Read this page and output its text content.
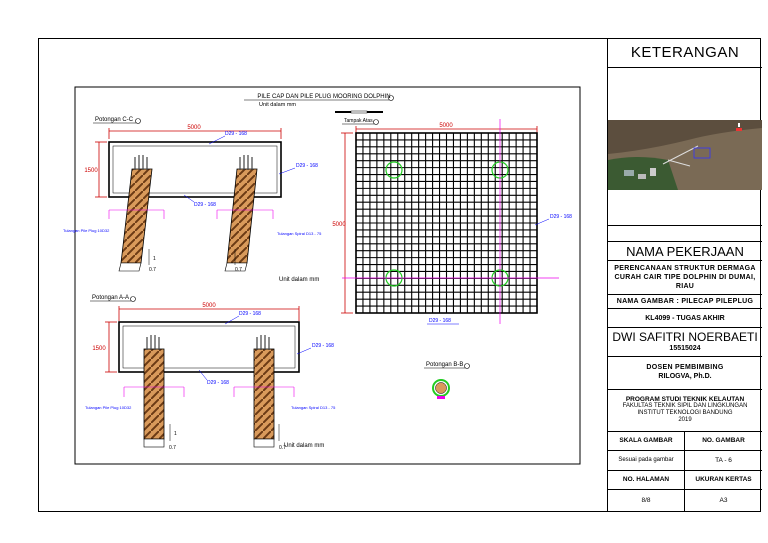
PILE CAP DAN PILE PLUG MOORING DOLPHIN
Unit dalam mm
Potongan C-C
5000
1500
D29 - 168
D29 - 168
D29 - 168
Tulangan Pile Plug 10D32
Tulangan Spiral D13 - 75
1
0.7	0.7
Unit dalam mm
Potongan A-A
5000
1500
D29 - 168
D29 - 168
D29 - 168
Tulangan Pile Plug 10D32	Tulangan Spiral D13 - 75
1
0.7	0.7
Unit dalam mm
Tampak Atas
5000
5000
D29 - 168
D29 - 168
Potongan B-B
KETERANGAN
NAMA PEKERJAAN
PERENCANAAN STRUKTUR DERMAGA CURAH CAIR TIPE DOLPHIN DI DUMAI, RIAU
NAMA GAMBAR : PILECAP PILEPLUG
KL4099 - TUGAS AKHIR
DWI SAFITRI NOERBAETI
15515024
DOSEN PEMBIMBING
RILOGVA, Ph.D.
PROGRAM STUDI TEKNIK KELAUTAN
FAKULTAS TEKNIK SIPIL DAN LINGKUNGAN
INSTITUT TEKNOLOGI BANDUNG
2019
SKALA GAMBAR	NO. GAMBAR
Sesuai pada gambar	TA - 6
NO. HALAMAN	UKURAN KERTAS
8/8	A3
